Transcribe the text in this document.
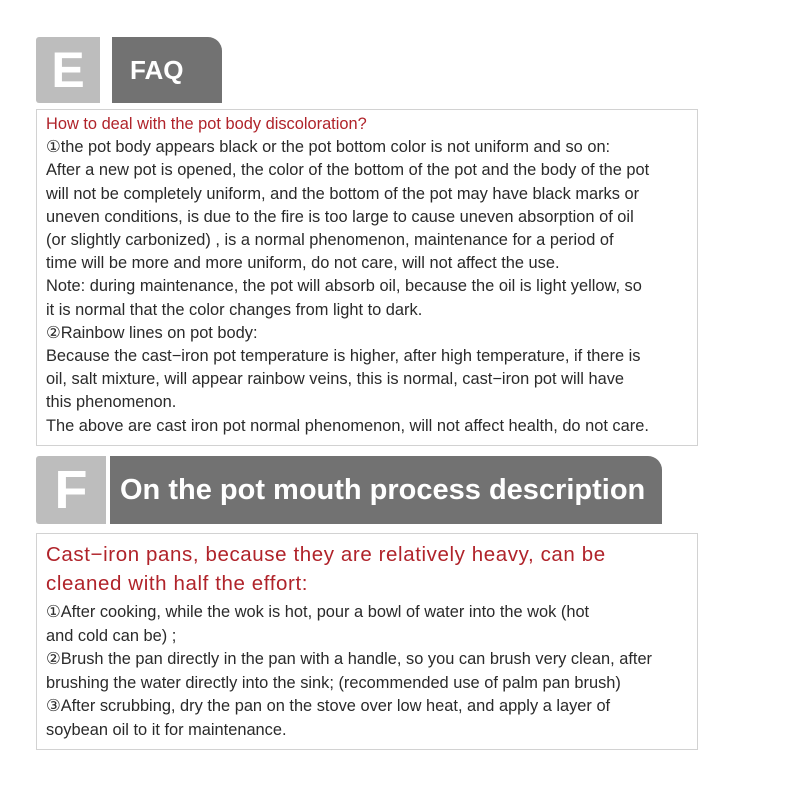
E FAQ

How to deal with the pot body discoloration?

①the pot body appears black or the pot bottom color is not uniform and so on:

After a new pot is opened, the color of the bottom of the pot and the body of the pot

will not be completely uniform, and the bottom of the pot may have black marks or

uneven conditions, is due to the fire is too large to cause uneven absorption of oil

(or slightly carbonized) , is a normal phenomenon, maintenance for a period of

time will be more and more uniform, do not care, will not affect the use.

Note: during maintenance, the pot will absorb oil, because the oil is light yellow, so

it is normal that the color changes from light to dark.

②Rainbow lines on pot body:

Because the cast−iron pot temperature is higher, after high temperature, if there is

oil, salt mixture, will appear rainbow veins, this is normal, cast−iron pot will have

this phenomenon.

The above are cast iron pot normal phenomenon, will not affect health, do not care.

F On the pot mouth process description

Cast−iron pans, because they are relatively heavy, can be

cleaned with half the effort:

①After cooking, while the wok is hot, pour a bowl of water into the wok (hot

and cold can be) ;

②Brush the pan directly in the pan with a handle, so you can brush very clean, after

brushing the water directly into the sink; (recommended use of palm pan brush)

③After scrubbing, dry the pan on the stove over low heat, and apply a layer of

soybean oil to it for maintenance.
